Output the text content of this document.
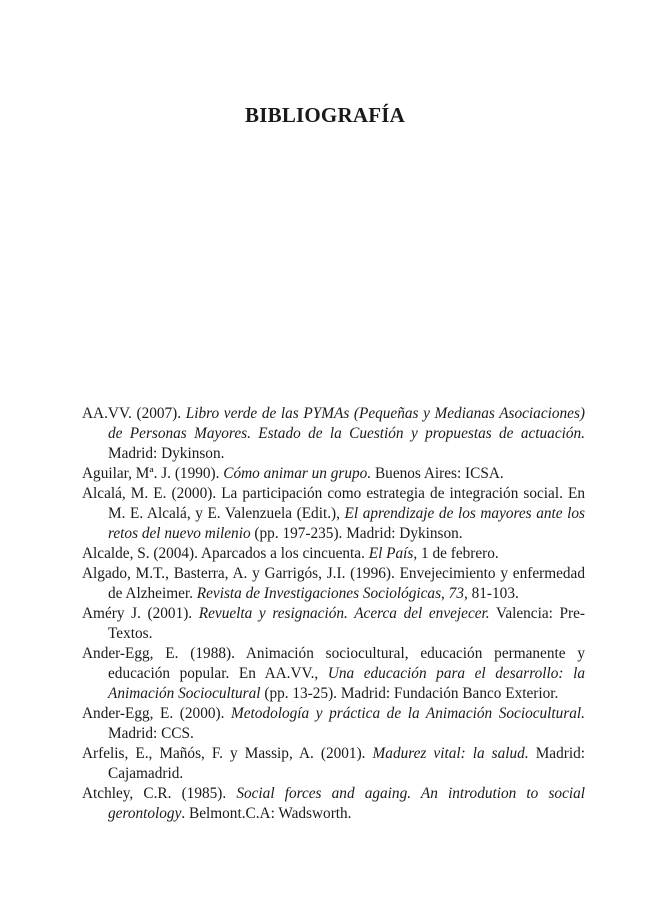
BIBLIOGRAFÍA
AA.VV. (2007). Libro verde de las PYMAs (Pequeñas y Medianas Asociaciones) de Personas Mayores. Estado de la Cuestión y propuestas de actuación. Madrid: Dykinson.
Aguilar, Mª. J. (1990). Cómo animar un grupo. Buenos Aires: ICSA.
Alcalá, M. E. (2000). La participación como estrategia de integración social. En M. E. Alcalá, y E. Valenzuela (Edit.), El aprendizaje de los mayores ante los retos del nuevo milenio (pp. 197-235). Madrid: Dykinson.
Alcalde, S. (2004). Aparcados a los cincuenta. El País, 1 de febrero.
Algado, M.T., Basterra, A. y Garrigós, J.I. (1996). Envejecimiento y enfermedad de Alzheimer. Revista de Investigaciones Sociológicas, 73, 81-103.
Améry J. (2001). Revuelta y resignación. Acerca del envejecer. Valencia: Pre-Textos.
Ander-Egg, E. (1988). Animación sociocultural, educación permanente y educación popular. En AA.VV., Una educación para el desarrollo: la Animación Sociocultural (pp. 13-25). Madrid: Fundación Banco Exterior.
Ander-Egg, E. (2000). Metodología y práctica de la Animación Sociocultural. Madrid: CCS.
Arfelis, E., Mañós, F. y Massip, A. (2001). Madurez vital: la salud. Madrid: Cajamadrid.
Atchley, C.R. (1985). Social forces and againg. An introdution to social gerontology. Belmont.C.A: Wadsworth.
